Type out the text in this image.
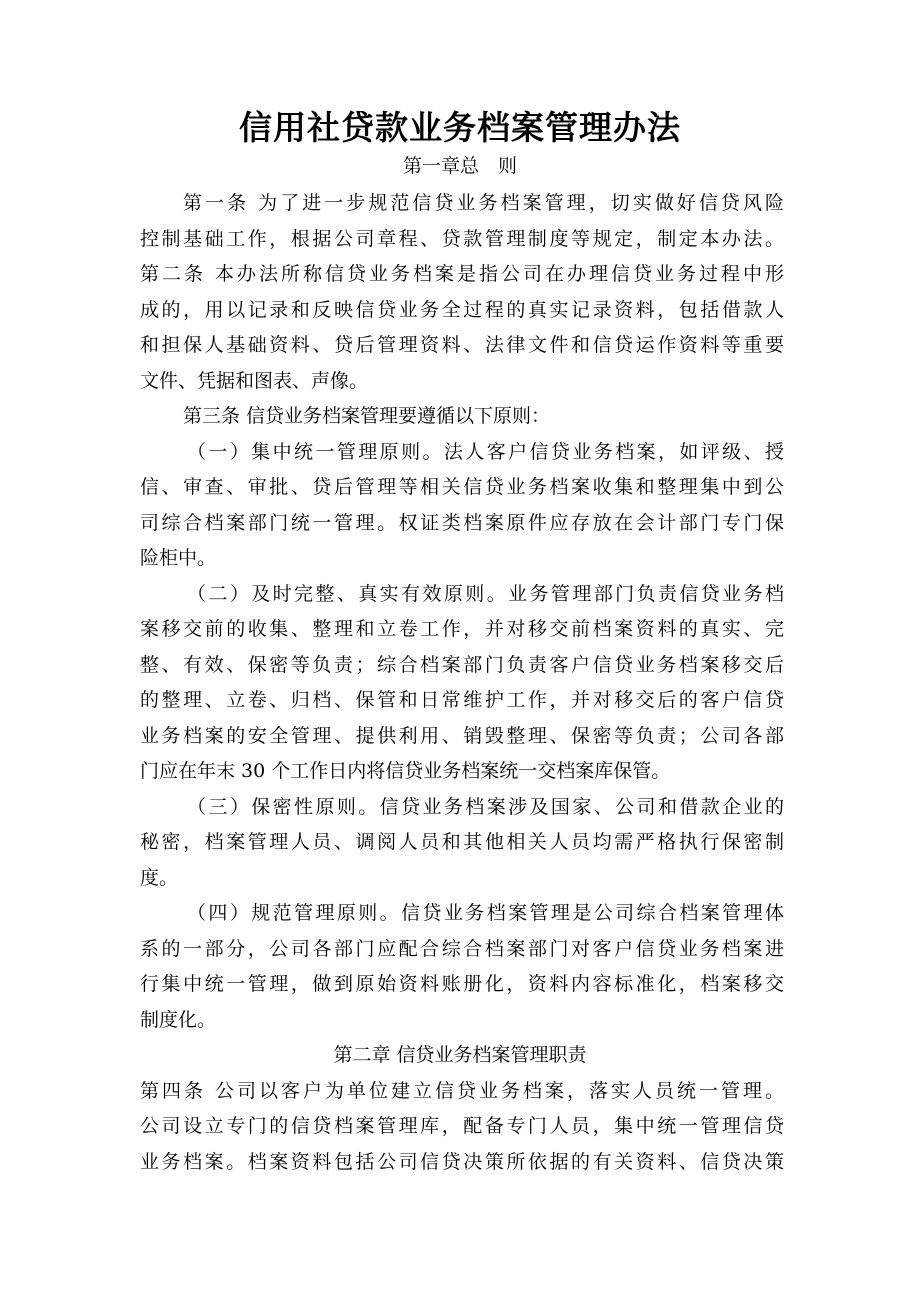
信用社贷款业务档案管理办法
第一章总　则
第一条 为了进一步规范信贷业务档案管理，切实做好信贷风险
控制基础工作，根据公司章程、贷款管理制度等规定，制定本办法。
第二条 本办法所称信贷业务档案是指公司在办理信贷业务过程中形
成的，用以记录和反映信贷业务全过程的真实记录资料，包括借款人
和担保人基础资料、贷后管理资料、法律文件和信贷运作资料等重要
文件、凭据和图表、声像。
第三条 信贷业务档案管理要遵循以下原则：
（一）集中统一管理原则。法人客户信贷业务档案，如评级、授
信、审查、审批、贷后管理等相关信贷业务档案收集和整理集中到公
司综合档案部门统一管理。权证类档案原件应存放在会计部门专门保
险柜中。
（二）及时完整、真实有效原则。业务管理部门负责信贷业务档
案移交前的收集、整理和立卷工作，并对移交前档案资料的真实、完
整、有效、保密等负责；综合档案部门负责客户信贷业务档案移交后
的整理、立卷、归档、保管和日常维护工作，并对移交后的客户信贷
业务档案的安全管理、提供利用、销毁整理、保密等负责；公司各部
门应在年末 30 个工作日内将信贷业务档案统一交档案库保管。
（三）保密性原则。信贷业务档案涉及国家、公司和借款企业的
秘密，档案管理人员、调阅人员和其他相关人员均需严格执行保密制
度。
（四）规范管理原则。信贷业务档案管理是公司综合档案管理体
系的一部分，公司各部门应配合综合档案部门对客户信贷业务档案进
行集中统一管理，做到原始资料账册化，资料内容标准化，档案移交
制度化。
第二章 信贷业务档案管理职责
第四条 公司以客户为单位建立信贷业务档案，落实人员统一管理。
公司设立专门的信贷档案管理库，配备专门人员，集中统一管理信贷
业务档案。档案资料包括公司信贷决策所依据的有关资料、信贷决策
